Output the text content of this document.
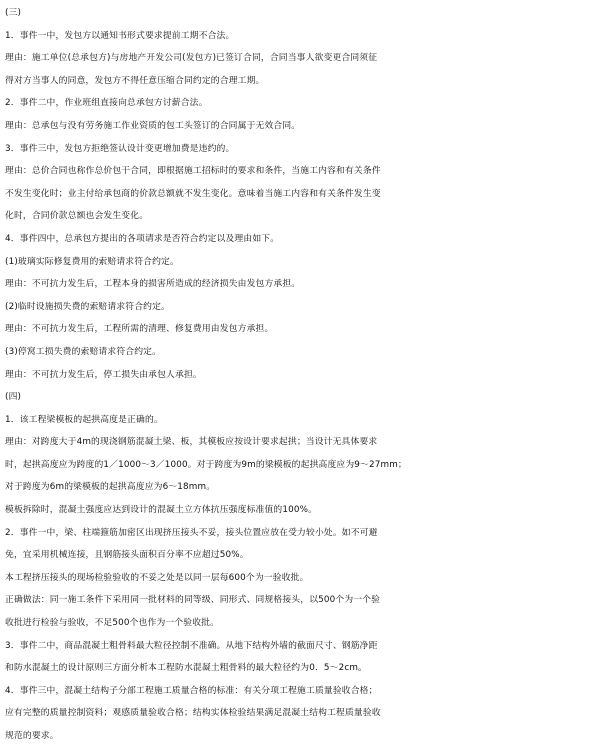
(三)
1．事件一中，发包方以通知书形式要求提前工期不合法。
理由：施工单位(总承包方)与房地产开发公司(发包方)已签订合同，合同当事人欲变更合同须征
得对方当事人的同意，发包方不得任意压缩合同约定的合理工期。
2．事件二中，作业班组直接向总承包方讨薪合法。
理由：总承包与没有劳务施工作业资质的包工头签订的合同属于无效合同。
3．事件三中，发包方拒绝签认设计变更增加费是违约的。
理由：总价合同也称作总价包干合同，即根据施工招标时的要求和条件，当施工内容和有关条件
不发生变化时；业主付给承包商的价款总额就不发生变化。意味着当施工内容和有关条件发生变
化时，合同价款总额也会发生变化。
4．事件四中，总承包方提出的各项请求是否符合约定以及理由如下。
(1)玻璃实际修复费用的索赔请求符合约定。
理由：不可抗力发生后，工程本身的损害所造成的经济损失由发包方承担。
(2)临时设施损失费的索赔请求符合约定。
理由：不可抗力发生后，工程所需的清理、修复费用由发包方承担。
(3)停窝工损失费的索赔请求符合约定。
理由：不可抗力发生后，停工损失由承包人承担。
(四)
1．该工程梁模板的起拱高度是正确的。
理由：对跨度大于4m的现浇钢筋混凝土梁、板，其模板应按设计要求起拱；当设计无具体要求
时，起拱高度应为跨度的1／1000～3／1000。对于跨度为9m的梁模板的起拱高度应为9～27mm；
对于跨度为6m的梁模板的起拱高度应为6～18mm。
模板拆除时，混凝土强度应达到设计的混凝土立方体抗压强度标准值的100%。
2．事件一中，梁、柱端箍筋加密区出现挤压接头不妥，接头位置应放在受力较小处。如不可避
免，宜采用机械连接，且钢筋接头面积百分率不应超过50%。
本工程挤压接头的现场检验验收的不妥之处是以同一层每600个为一验收批。
正确做法：同一施工条件下采用同一批材料的同等级、同形式、同规格接头，以500个为一个验
收批进行检验与验收，不足500个也作为一个验收批。
3．事件二中，商品混凝土粗骨料最大粒径控制不准确。从地下结构外墙的截面尺寸、钢筋净距
和防水混凝土的设计原则三方面分析本工程防水混凝土粗骨料的最大粒径约为0．5～2cm。
4．事件三中，混凝土结构子分部工程施工质量合格的标准：有关分项工程施工质量验收合格；
应有完整的质量控制资料；观感质量验收合格；结构实体检验结果满足混凝土结构工程质量验收
规范的要求。
